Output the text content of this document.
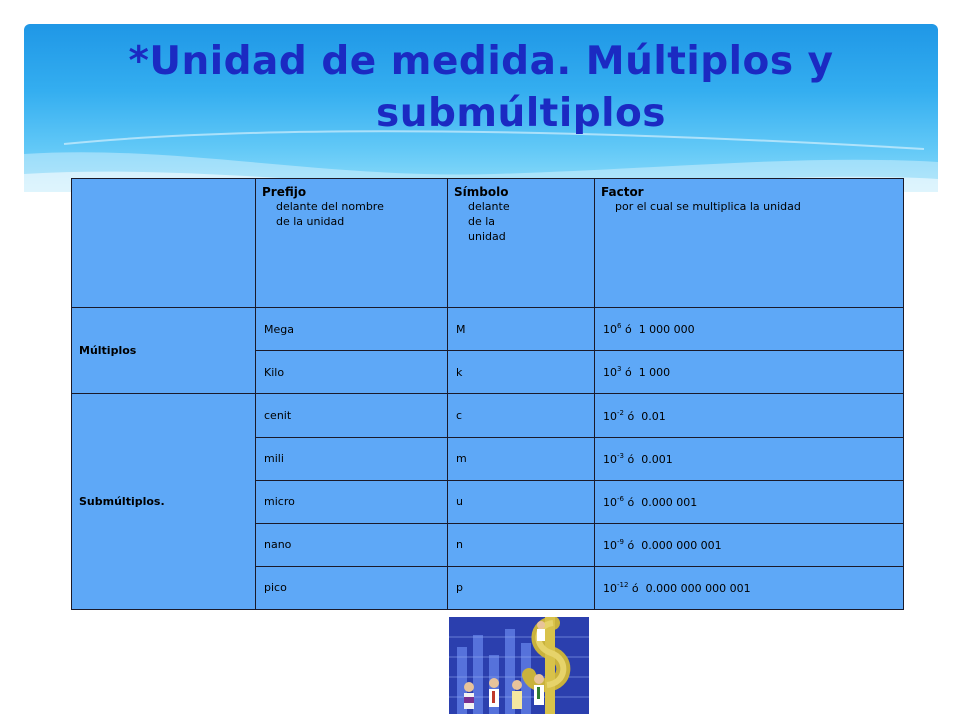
*Unidad de medida. Múltiplos y
submúltiplos

	Prefijo
delante del nombre
de la unidad	Símbolo
delante
de la
unidad	Factor
por el cual se multiplica la unidad

Múltiplos	Mega	M	$10^6$ ó  1 000 000
	Kilo	k	$10^3$ ó  1 000
Submúltiplos.	cenit	c	$10^{-2}$ ó  0.01
	mili	m	$10^{-3}$ ó  0.001
	micro	u	$10^{-6}$ ó  0.000 001
	nano	n	$10^{-9}$ ó  0.000 000 001
	pico	p	$10^{-12}$ ó  0.000 000 000 001
